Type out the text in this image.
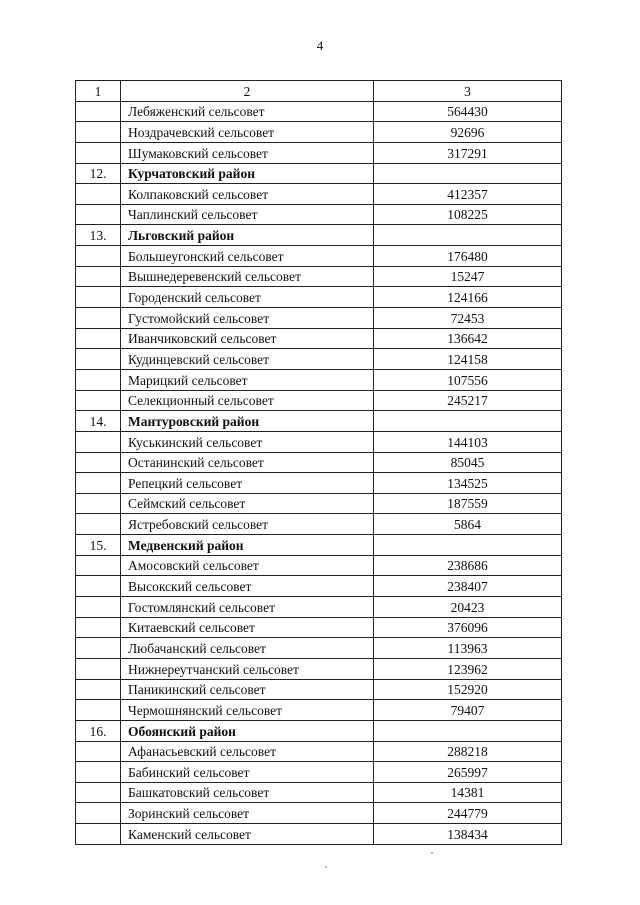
4
1	2	3
	Лебяженский сельсовет	564430
	Ноздрачевский сельсовет	92696
	Шумаковский сельсовет	317291
12.	Курчатовский район	
	Колпаковский сельсовет	412357
	Чаплинский сельсовет	108225
13.	Льговский район	
	Большеугонский сельсовет	176480
	Вышнедеревенский сельсовет	15247
	Городенский сельсовет	124166
	Густомойский сельсовет	72453
	Иванчиковский сельсовет	136642
	Кудинцевский сельсовет	124158
	Марицкий сельсовет	107556
	Селекционный сельсовет	245217
14.	Мантуровский район	
	Куськинский сельсовет	144103
	Останинский сельсовет	85045
	Репецкий сельсовет	134525
	Сеймский сельсовет	187559
	Ястребовский сельсовет	5864
15.	Медвенский район	
	Амосовский сельсовет	238686
	Высокский сельсовет	238407
	Гостомлянский сельсовет	20423
	Китаевский сельсовет	376096
	Любачанский сельсовет	113963
	Нижнереутчанский сельсовет	123962
	Паникинский сельсовет	152920
	Чермошнянский сельсовет	79407
16.	Обоянский район	
	Афанасьевский сельсовет	288218
	Бабинский сельсовет	265997
	Башкатовский сельсовет	14381
	Зоринский сельсовет	244779
	Каменский сельсовет	138434
